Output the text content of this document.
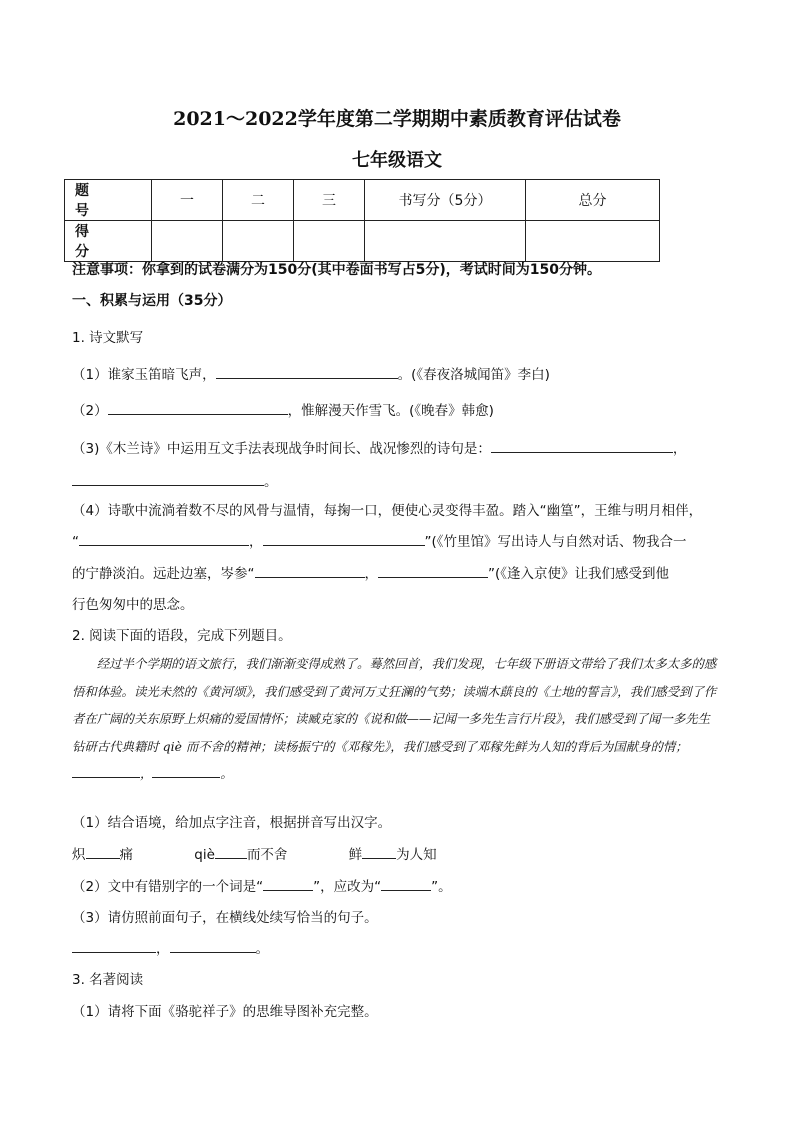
2021～2022学年度第二学期期中素质教育评估试卷
七年级语文
题号	一	二	三	书写分（5分）	总分
得分					
注意事项：你拿到的试卷满分为150分(其中卷面书写占5分)，考试时间为150分钟。
一、积累与运用（35分）
1. 诗文默写
（1）谁家玉笛暗飞声，	。(《春夜洛城闻笛》李白)
（2）	，惟解漫天作雪飞。(《晚春》韩愈)
（3)《木兰诗》中运用互文手法表现战争时间长、战况惨烈的诗句是：	，
。
（4）诗歌中流淌着数不尽的风骨与温情，每掬一口，便使心灵变得丰盈。踏入“幽篁”，王维与明月相伴，
“	，	”(《竹里馆》写出诗人与自然对话、物我合一
的宁静淡泊。远赴边塞，岑参“	，	”(《逢入京使》让我们感受到他
行色匆匆中的思念。
2. 阅读下面的语段，完成下列题目。
经过半个学期的语文旅行，我们渐渐变得成熟了。蓦然回首，我们发现，七年级下册语文带给了我们太多太多的感悟和体验。读光未然的《黄河颂》，我们感受到了黄河万丈狂澜的气势；读端木蕻良的《土地的誓言》，我们感受到了作者在广阔的关东原野上炽痛的爱国情怀；读臧克家的《说和做——记闻一多先生言行片段》，我们感受到了闻一多先生钻研古代典籍时 qiè 而不舍的精神；读杨振宁的《邓稼先》，我们感受到了邓稼先鲜为人知的背后为国献身的情；，	。
（1）结合语境，给加点字注音，根据拼音写出汉字。
炽	痛	qiè 而不舍	鲜	为人知
（2）文中有错别字的一个词是“	”，应改为“	”。
（3）请仿照前面句子，在横线处续写恰当的句子。
，	。
3. 名著阅读
（1）请将下面《骆驼祥子》的思维导图补充完整。
